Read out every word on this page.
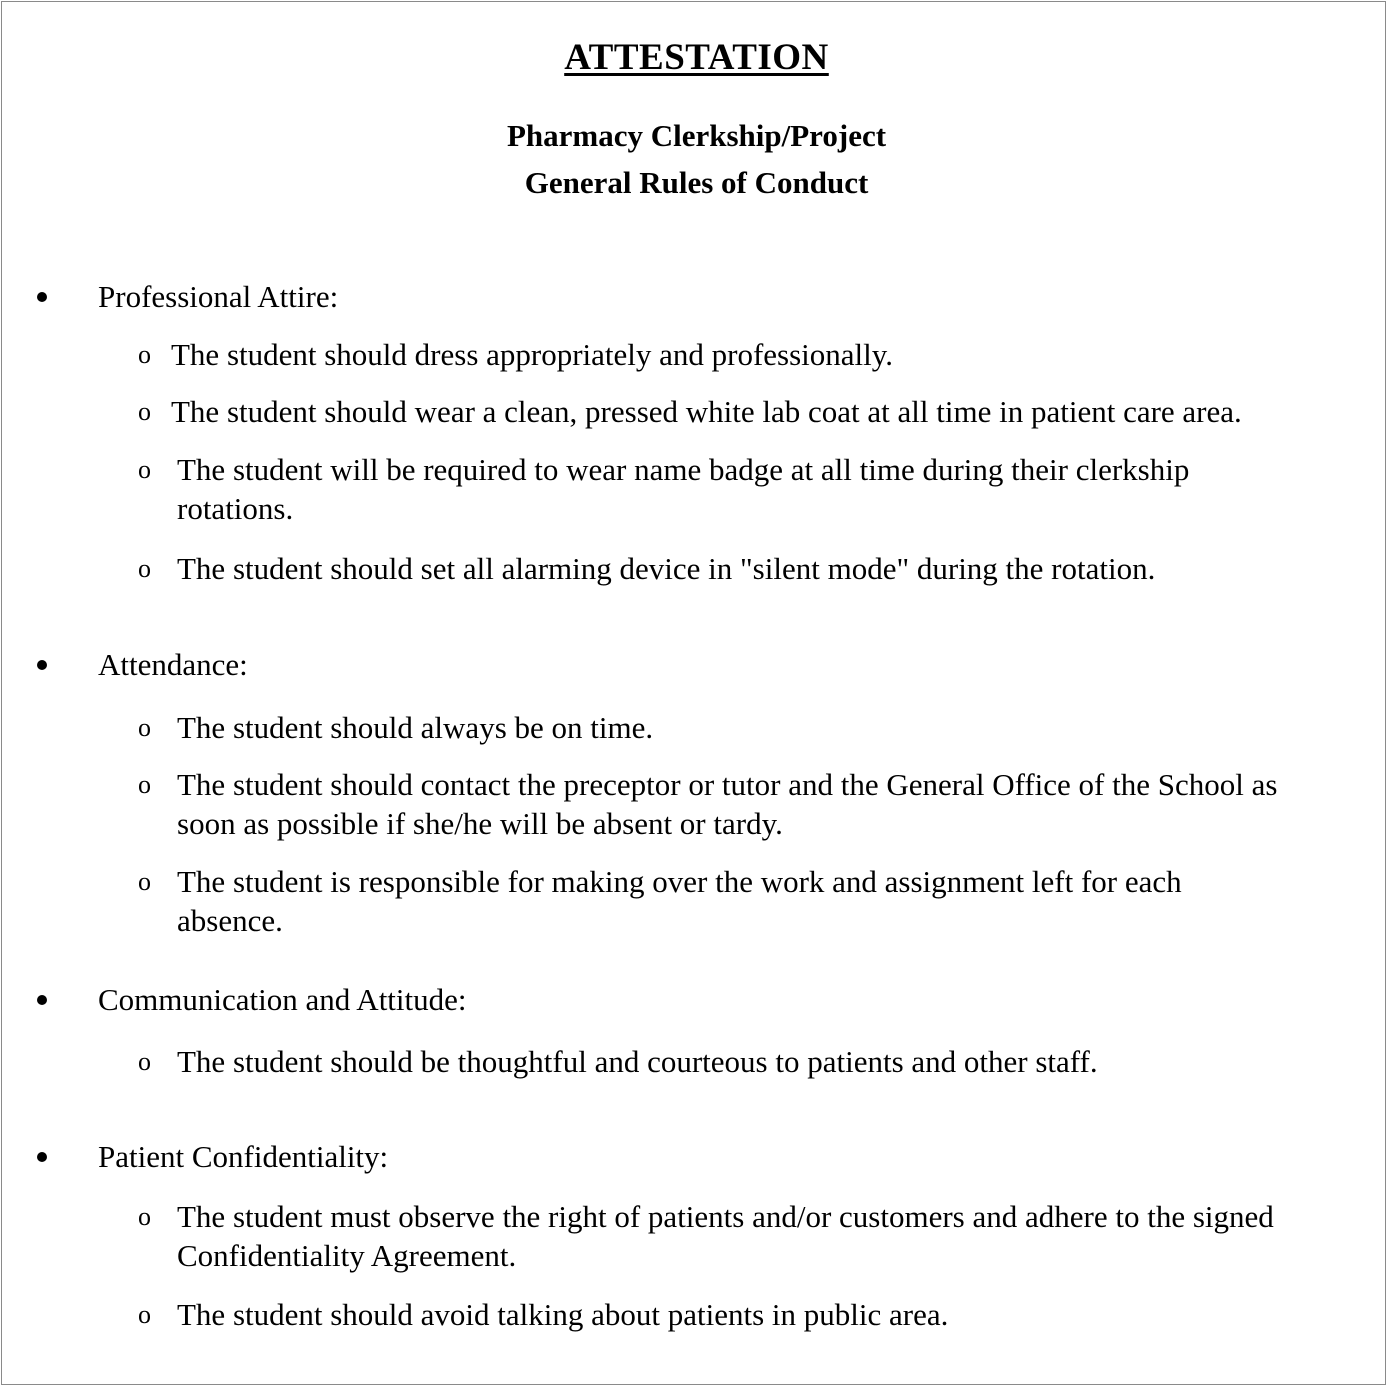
ATTESTATION
Pharmacy Clerkship/Project
General Rules of Conduct
Professional Attire:
o The student should dress appropriately and professionally.
o The student should wear a clean, pressed white lab coat at all time in patient care area.
o The student will be required to wear name badge at all time during their clerkship rotations.
o The student should set all alarming device in "silent mode" during the rotation.
Attendance:
o The student should always be on time.
o The student should contact the preceptor or tutor and the General Office of the School as soon as possible if she/he will be absent or tardy.
o The student is responsible for making over the work and assignment left for each absence.
Communication and Attitude:
o The student should be thoughtful and courteous to patients and other staff.
Patient Confidentiality:
o The student must observe the right of patients and/or customers and adhere to the signed Confidentiality Agreement.
o The student should avoid talking about patients in public area.
